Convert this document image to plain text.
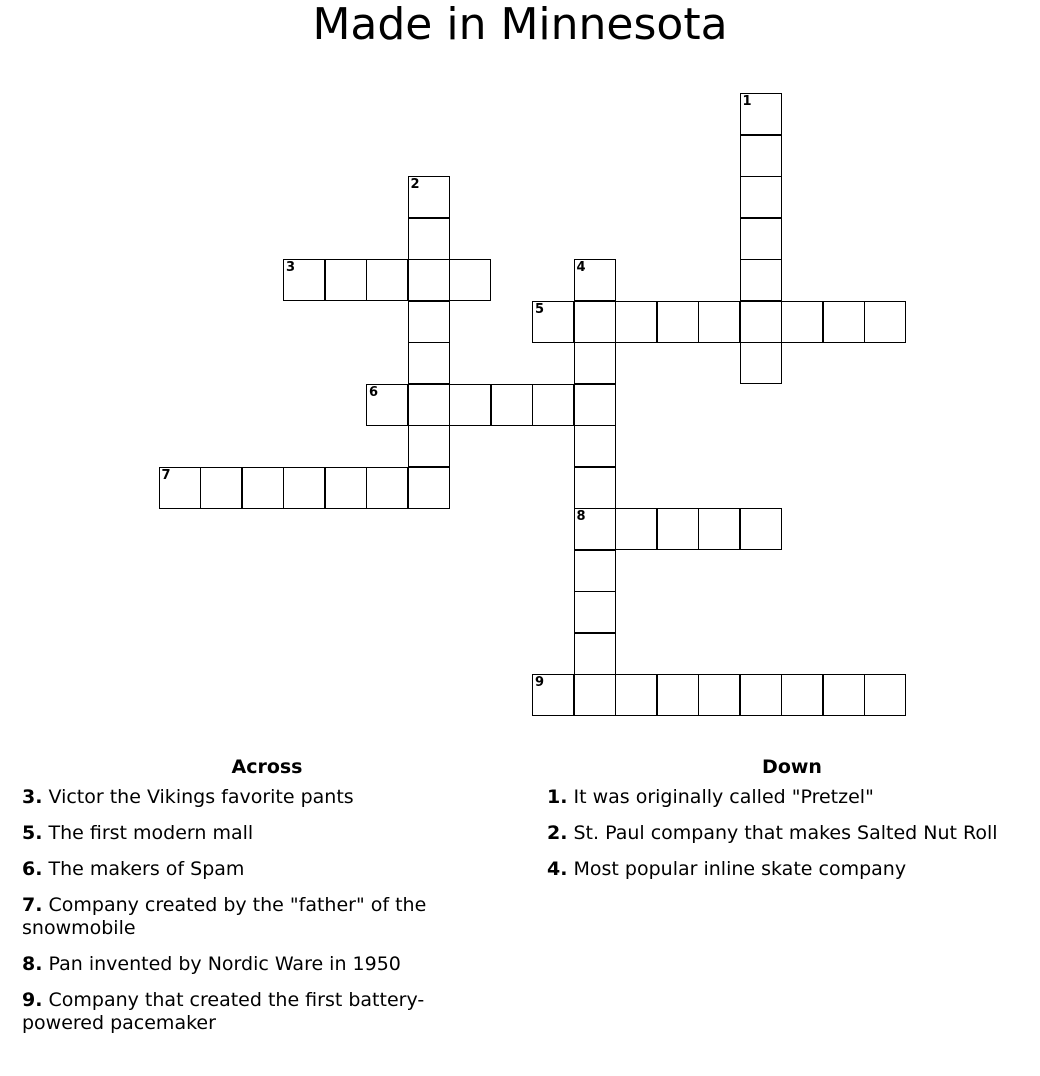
Made in Minnesota
1
2
3	4
8
5
6
7
9
Across
3. Victor the Vikings favorite pants
5. The first modern mall
6. The makers of Spam
7. Company created by the "father" of the snowmobile
8. Pan invented by Nordic Ware in 1950
9. Company that created the first battery-powered pacemaker
Down
1. It was originally called "Pretzel"
2. St. Paul company that makes Salted Nut Roll
4. Most popular inline skate company
